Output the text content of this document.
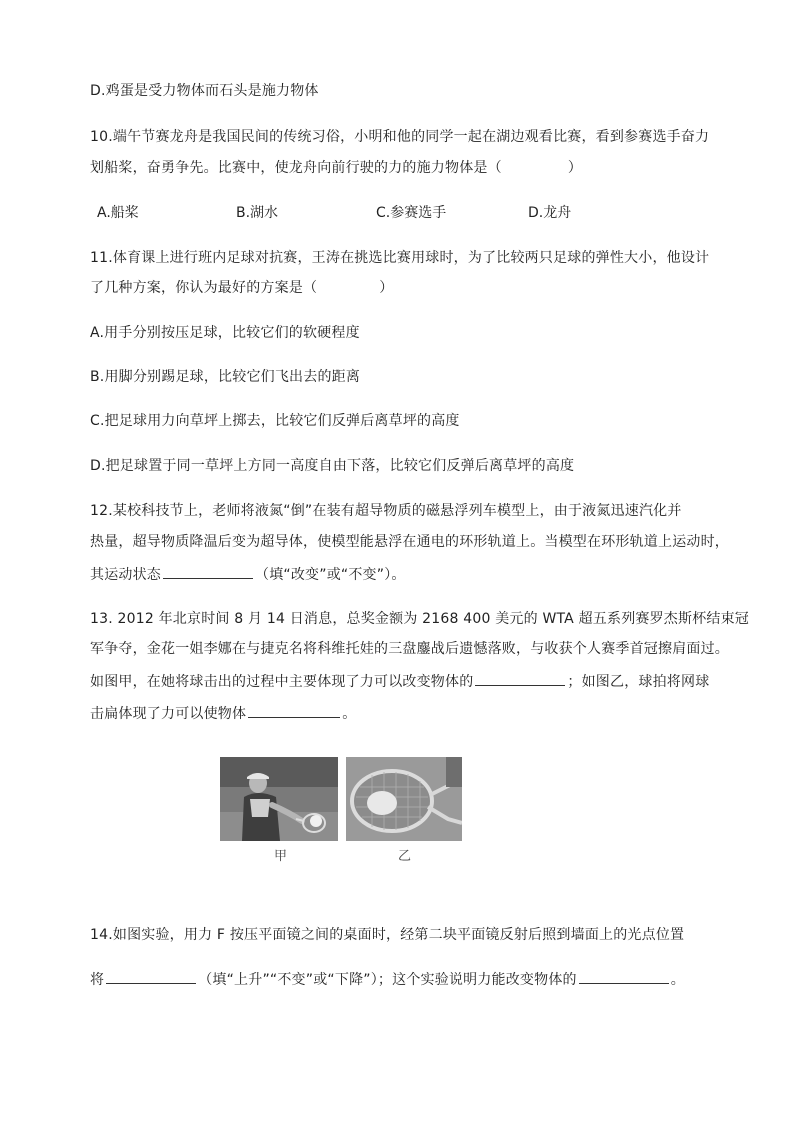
D.鸡蛋是受力物体而石头是施力物体
10.端午节赛龙舟是我国民间的传统习俗，小明和他的同学一起在湖边观看比赛，看到参赛选手奋力
划船桨，奋勇争先。比赛中，使龙舟向前行驶的力的施力物体是（	）
A.船桨	B.湖水	C.参赛选手	D.龙舟
11.体育课上进行班内足球对抗赛，王涛在挑选比赛用球时，为了比较两只足球的弹性大小，他设计
了几种方案，你认为最好的方案是（	）
A.用手分别按压足球，比较它们的软硬程度
B.用脚分别踢足球，比较它们飞出去的距离
C.把足球用力向草坪上掷去，比较它们反弹后离草坪的高度
D.把足球置于同一草坪上方同一高度自由下落，比较它们反弹后离草坪的高度
12.某校科技节上，老师将液氮“倒”在装有超导物质的磁悬浮列车模型上，由于液氮迅速汽化并
热量，超导物质降温后变为超导体，使模型能悬浮在通电的环形轨道上。当模型在环形轨道上运动时，
其运动状态	（填“改变”或“不变”）。
13. 2012 年北京时间 8 月 14 日消息，总奖金额为 2168 400 美元的 WTA 超五系列赛罗杰斯杯结束冠
军争夺，金花一姐李娜在与捷克名将科维托娃的三盘鏖战后遗憾落败，与收获个人赛季首冠擦肩面过。
如图甲，在她将球击出的过程中主要体现了力可以改变物体的	；如图乙，球拍将网球
击扁体现了力可以使物体	。
甲	乙
14.如图实验，用力 F 按压平面镜之间的桌面时，经第二块平面镜反射后照到墙面上的光点位置
将	（填“上升”“不变”或“下降”）；这个实验说明力能改变物体的	。
